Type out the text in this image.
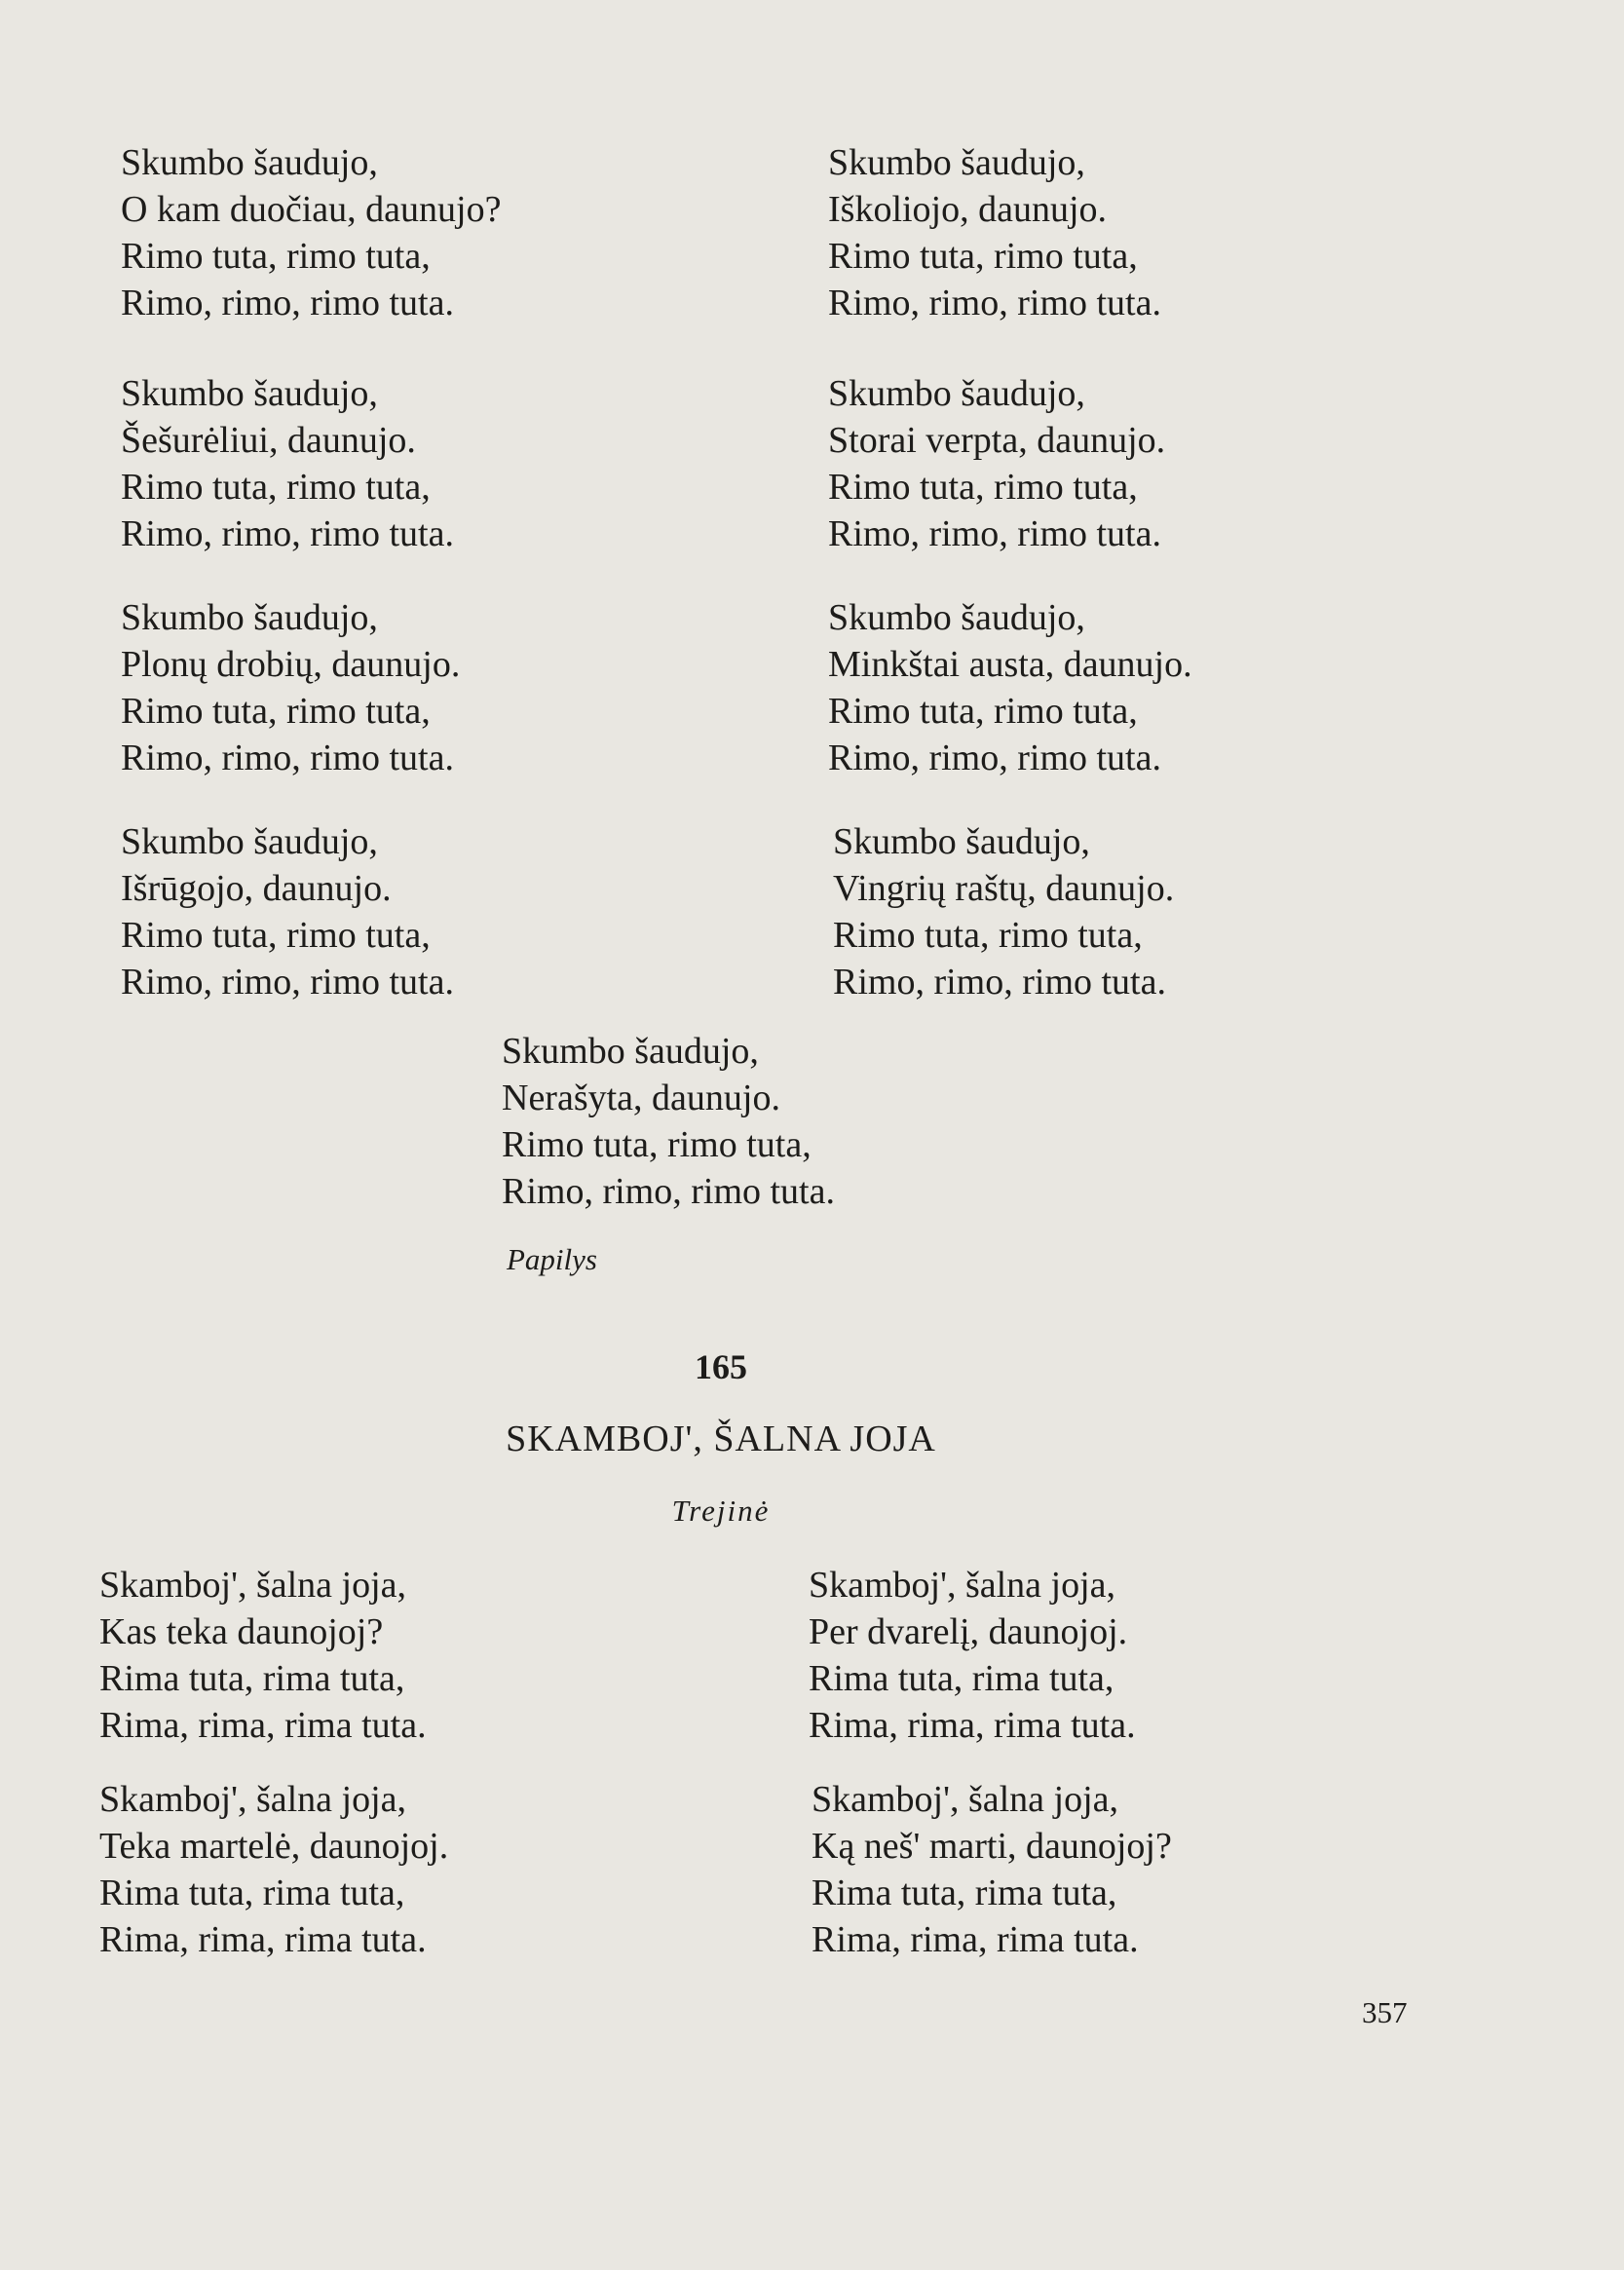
Skumbo šaudujo,
O kam duočiau, daunujo?
Rimo tuta, rimo tuta,
Rimo, rimo, rimo tuta.
Skumbo šaudujo,
Iškoliojo, daunujo.
Rimo tuta, rimo tuta,
Rimo, rimo, rimo tuta.
Skumbo šaudujo,
Šešurėliui, daunujo.
Rimo tuta, rimo tuta,
Rimo, rimo, rimo tuta.
Skumbo šaudujo,
Storai verpta, daunujo.
Rimo tuta, rimo tuta,
Rimo, rimo, rimo tuta.
Skumbo šaudujo,
Plonų drobių, daunujo.
Rimo tuta, rimo tuta,
Rimo, rimo, rimo tuta.
Skumbo šaudujo,
Minkštai austa, daunujo.
Rimo tuta, rimo tuta,
Rimo, rimo, rimo tuta.
Skumbo šaudujo,
Išrūgojo, daunujo.
Rimo tuta, rimo tuta,
Rimo, rimo, rimo tuta.
Skumbo šaudujo,
Vingrių raštų, daunujo.
Rimo tuta, rimo tuta,
Rimo, rimo, rimo tuta.
Skumbo šaudujo,
Nerašyta, daunujo.
Rimo tuta, rimo tuta,
Rimo, rimo, rimo tuta.
Papilys
165
SKAMBOJ', ŠALNA JOJA
Trejinė
Skamboj', šalna joja,
Kas teka daunojoj?
Rima tuta, rima tuta,
Rima, rima, rima tuta.
Skamboj', šalna joja,
Per dvarelį, daunojoj.
Rima tuta, rima tuta,
Rima, rima, rima tuta.
Skamboj', šalna joja,
Teka martelė, daunojoj.
Rima tuta, rima tuta,
Rima, rima, rima tuta.
Skamboj', šalna joja,
Ką neš' marti, daunojoj?
Rima tuta, rima tuta,
Rima, rima, rima tuta.
357
